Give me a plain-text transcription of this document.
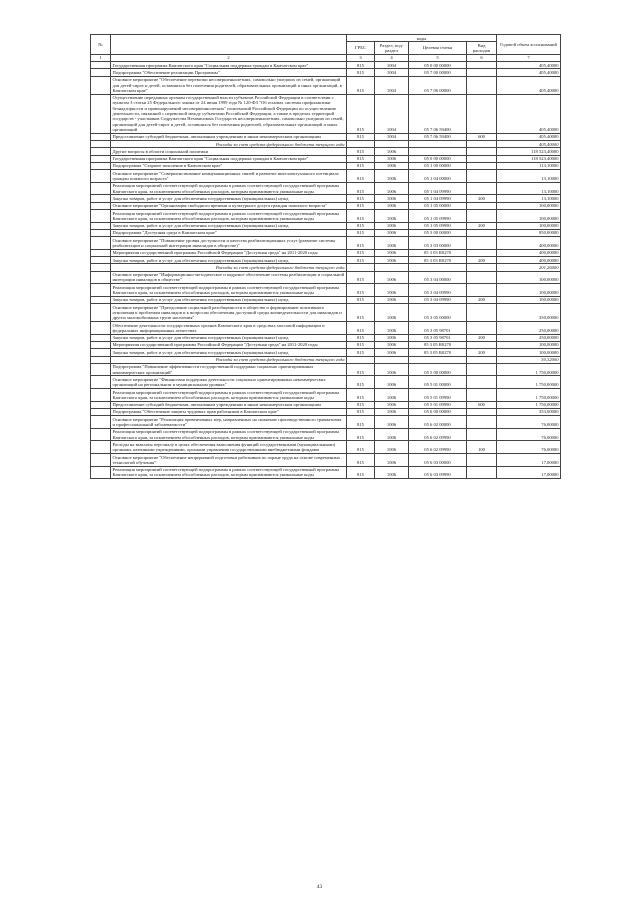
№		коды				Годовой объем ассигнований
		ГРБС	Раздел, под-раздел	Целевая статья	Вид расходов	
1	2	3	4	5	6	7
	Государственная программа Камчатского края "Социальная поддержка граждан в Камчатском крае"	815	1004	05 0 00 00000		405,40000
	Подпрограмма "Обеспечение реализации Программы"	815	1004	05 7 00 00000		405,40000
	Основное мероприятие "Обеспечение перевозки несовершеннолетних, самовольно ушедших из семей, организаций для детей-сирот и детей, оставшихся без попечения родителей, образовательных организаций и иных организаций, в Камчатском крае"	815	1004	05 7 06 00000		405,40000
	Осуществление переданных органам государственной власти субъектов Российской Федерации в соответствии с пунктом 3 статьи 25 Федерального закона от 24 июня 1999 года № 120-ФЗ "Об основах системы профилактики безнадзорности и правонарушений несовершеннолетних" полномочий Российской Федерации по осуществлению деятельности, связанной с перевозкой между субъектами Российской Федерации, а также в пределах территорий государств - участников Содружества Независимых Государств несовершеннолетних, самовольно ушедших из семей, организаций для детей-сирот и детей, оставшихся без попечения родителей, образовательных организаций и иных организаций	815	1004	05 7 06 59400		405,40000
	Предоставление субсидий бюджетным, автономным учреждениям и иным некоммерческим организациям	815	1004	05 7 06 59400	600	405,40000
	Расходы за счет средств федерального бюджета текущего года					405,40000
	Другие вопросы в области социальной политики	815	1006			118 523,40000
	Государственная программа Камчатского края "Социальная поддержка граждан в Камчатском крае"	815	1006	05 0 00 00000		118 523,40000
	Подпрограмма "Старшее поколение в Камчатском крае"	815	1006	05 1 00 00000		113,10000
	Основное мероприятие "Совершенствование коммуникационных связей и развитие интеллектуального потенциала граждан пожилого возраста"	815	1006	05 1 04 00000		13,10000
	Реализация мероприятий соответствующей подпрограммы в рамках соответствующей государственной программы Камчатского края, за исключением обособленных расходов, которым присваиваются уникальные коды	815	1006	05 1 04 09990		13,10000
	Закупка товаров, работ и услуг для обеспечения государственных (муниципальных) нужд	815	1006	05 1 04 09990	200	13,10000
	Основное мероприятие "Организация свободного времени и культурного досуга граждан пожилого возраста"	815	1006	05 1 05 00000		100,00000
	Реализация мероприятий соответствующей подпрограммы в рамках соответствующей государственной программы Камчатского края, за исключением обособленных расходов, которым присваиваются уникальные коды	815	1006	05 1 05 09990		100,00000
	Закупка товаров, работ и услуг для обеспечения государственных (муниципальных) нужд	815	1006	05 1 05 09990	200	100,00000
	Подпрограмма "Доступная среда в Камчатском крае"	815	1006	05 3 00 00000		850,00000
	Основное мероприятие "Повышение уровня доступности и качества реабилитационных услуг (развитие системы реабилитации и социальной интеграции инвалидов в обществе)"	815	1006	05 3 03 00000		400,00000
	Мероприятия государственной программы Российской Федерации "Доступная среда" на 2011-2020 годы	815	1006	05 3 03 R0270		400,00000
	Закупка товаров, работ и услуг для обеспечения государственных (муниципальных) нужд	815	1006	05 3 03 R0270	200	400,00000
	Расходы за счет средств федерального бюджета текущего года					201,26000
	Основное мероприятие "Информационно-методическое и кадровое обеспечение системы реабилитации и социальной интеграции инвалидов в обществе"	815	1006	05 3 04 00000		100,00000
	Реализация мероприятий соответствующей подпрограммы в рамках соответствующей государственной программы Камчатского края, за исключением обособленных расходов, которым присваиваются уникальные коды	815	1006	05 3 04 09990		100,00000
	Закупка товаров, работ и услуг для обеспечения государственных (муниципальных) нужд	815	1006	05 3 04 09990	200	100,00000
	Основное мероприятие "Преодоление социальной разобщенности в обществе и формирование позитивного отношения к проблемам инвалидов и к вопросам обеспечения доступной среды жизнедеятельности для инвалидов и других маломобильных групп населения"	815	1006	05 3 05 00000		350,00000
	Обеспечение деятельности государственных органов Камчатского края в средствах массовой информации и федеральных информационных агентствах	815	1006	05 3 05 98701		250,00000
	Закупка товаров, работ и услуг для обеспечения государственных (муниципальных) нужд	815	1006	05 3 05 98701	200	250,00000
	Мероприятия государственной программы Российской Федерации "Доступная среда" на 2011-2020 годы	815	1006	05 3 05 R0270		100,00000
	Закупка товаров, работ и услуг для обеспечения государственных (муниципальных) нужд	815	1006	05 3 05 R0270	200	100,00000
	Расходы за счет средств федерального бюджета текущего года					50,32000
	Подпрограмма "Повышение эффективности государственной поддержки социально ориентированных некоммерческих организаций"	815	1006	05 5 00 00000		1 750,00000
	Основное мероприятие "Финансовая поддержка деятельности социально ориентированных некоммерческих организаций на региональном и муниципальном уровнях"	815	1006	05 5 01 00000		1 750,00000
	Реализация мероприятий соответствующей подпрограммы в рамках соответствующей государственной программы Камчатского края, за исключением обособленных расходов, которым присваиваются уникальные коды	815	1006	05 5 01 09990		1 750,00000
	Предоставление субсидий бюджетным, автономным учреждениям и иным некоммерческим организациям	815	1006	05 5 01 09990	600	1 750,00000
	Подпрограмма "Обеспечение защиты трудовых прав работников в Камчатском крае"	815	1006	05 6 00 00000		353,00000
	Основное мероприятие "Реализация превентивных мер, направленных на снижение производственного травматизма и профессиональной заболеваемости"	815	1006	05 6 02 00000		76,00000
	Реализация мероприятий соответствующей подпрограммы в рамках соответствующей государственной программы Камчатского края, за исключением обособленных расходов, которым присваиваются уникальные коды	815	1006	05 6 02 09990		76,00000
	Расходы на выплаты персоналу в целях обеспечения выполнения функций государственными (муниципальными) органами, казенными учреждениями, органами управления государственными внебюджетными фондами	815	1006	05 6 02 09990	100	76,00000
	Основное мероприятие "Обеспечение непрерывной подготовки работников по охране труда на основе современных технологий обучения"	815	1006	05 6 03 00000		17,00000
	Реализация мероприятий соответствующей подпрограммы в рамках соответствующей государственной программы Камчатского края, за исключением обособленных расходов, которым присваиваются уникальные коды	815	1006	05 6 03 09990		17,00000
43
